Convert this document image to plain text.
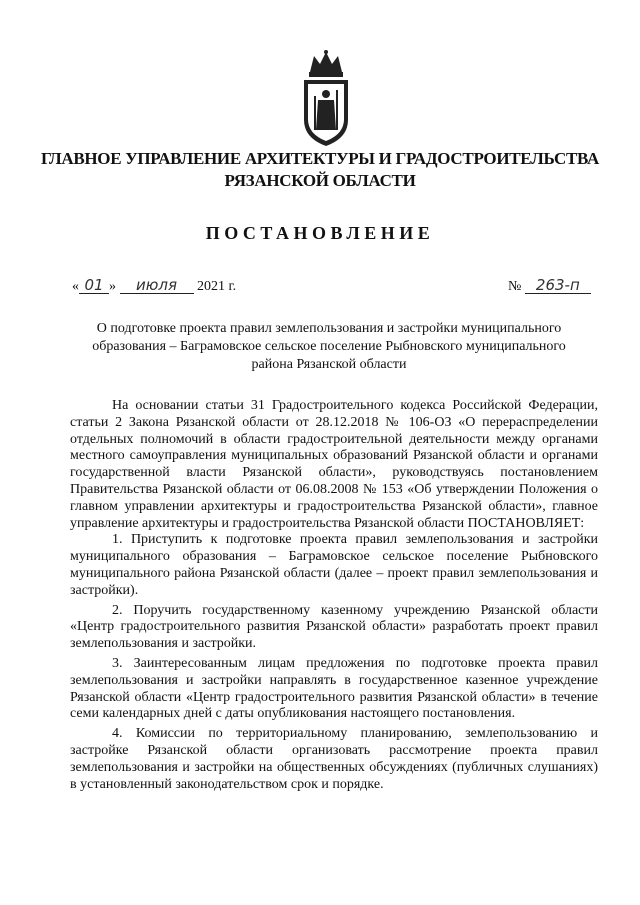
ГЛАВНОЕ УПРАВЛЕНИЕ АРХИТЕКТУРЫ И ГРАДОСТРОИТЕЛЬСТВА
РЯЗАНСКОЙ ОБЛАСТИ
ПОСТАНОВЛЕНИЕ
« 01 » июля 2021 г.	№ 263-п
О подготовке проекта правил землепользования и застройки муниципального
образования – Баграмовское сельское поселение Рыбновского муниципального
района Рязанской области

На основании статьи 31 Градостроительного кодекса Российской Федерации, статьи 2 Закона Рязанской области от 28.12.2018 № 106-ОЗ «О перераспределении отдельных полномочий в области градостроительной деятельности между органами местного самоуправления муниципальных образований Рязанской области и органами государственной власти Рязанской области», руководствуясь постановлением Правительства Рязанской области от 06.08.2008 № 153 «Об утверждении Положения о главном управлении архитектуры и градостроительства Рязанской области», главное управление архитектуры и градостроительства Рязанской области ПОСТАНОВЛЯЕТ:

1. Приступить к подготовке проекта правил землепользования и застройки муниципального образования – Баграмовское сельское поселение Рыбновского муниципального района Рязанской области (далее – проект правил землепользования и застройки).

2. Поручить государственному казенному учреждению Рязанской области «Центр градостроительного развития Рязанской области» разработать проект правил землепользования и застройки.

3. Заинтересованным лицам предложения по подготовке проекта правил землепользования и застройки направлять в государственное казенное учреждение Рязанской области «Центр градостроительного развития Рязанской области» в течение семи календарных дней с даты опубликования настоящего постановления.

4. Комиссии по территориальному планированию, землепользованию и застройке Рязанской области организовать рассмотрение проекта правил землепользования и застройки на общественных обсуждениях (публичных слушаниях) в установленный законодательством срок и порядке.
